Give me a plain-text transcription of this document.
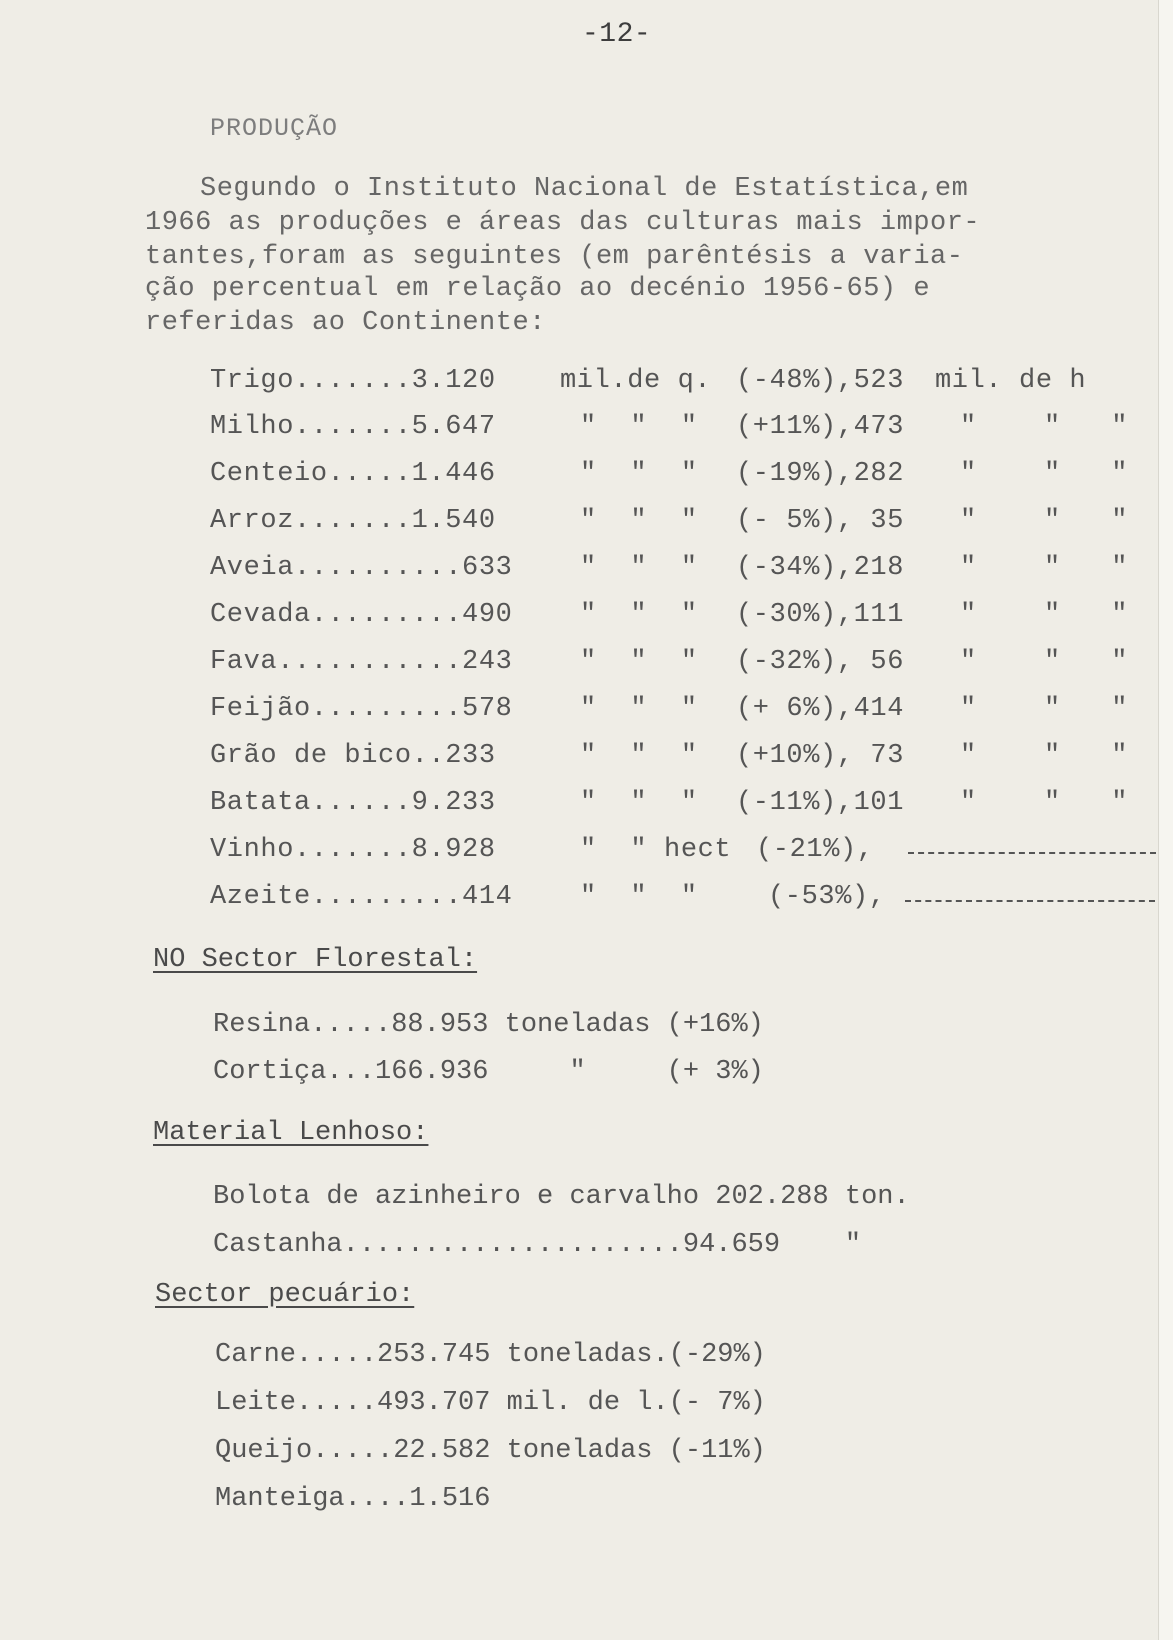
-12-
PRODUÇÃO
Segundo o Instituto Nacional de Estatística,em
1966 as produções e áreas das culturas mais impor-
tantes,foram as seguintes (em parêntésis a varia-
ção percentual em relação ao decénio 1956-65) e
referidas ao Continente:
Trigo.......3.120 mil.de q. (-48%),523 mil. de h
Milho.......5.647	"  "  " (+11%),473 "    "   "
Centeio.....1.446	"  "  " (-19%),282 "    "   "
Arroz.......1.540	"  "  " (- 5%), 35 "    "   "
Aveia..........633	"  "  " (-34%),218 "    "   "
Cevada.........490	"  "  " (-30%),111 "    "   "
Fava...........243	"  "  " (-32%), 56 "    "   "
Feijão.........578	"  "  " (+ 6%),414 "    "   "
Grão de bico..233	"  "  " (+10%), 73 "    "   "
Batata......9.233	"  "  " (-11%),101 "    "   "
Vinho.......8.928	"  " hect (-21%),
Azeite.........414	"  "  "	(-53%),
NO Sector Florestal:
Resina.....88.953 toneladas (+16%)
Cortiça...166.936     "     (+ 3%)
Material Lenhoso:
Bolota de azinheiro e carvalho 202.288 ton.
Castanha.....................94.659    "
Sector pecuário:
Carne.....253.745 toneladas.(-29%)
Leite.....493.707 mil. de l.(- 7%)
Queijo.....22.582 toneladas (-11%)
Manteiga....1.516
